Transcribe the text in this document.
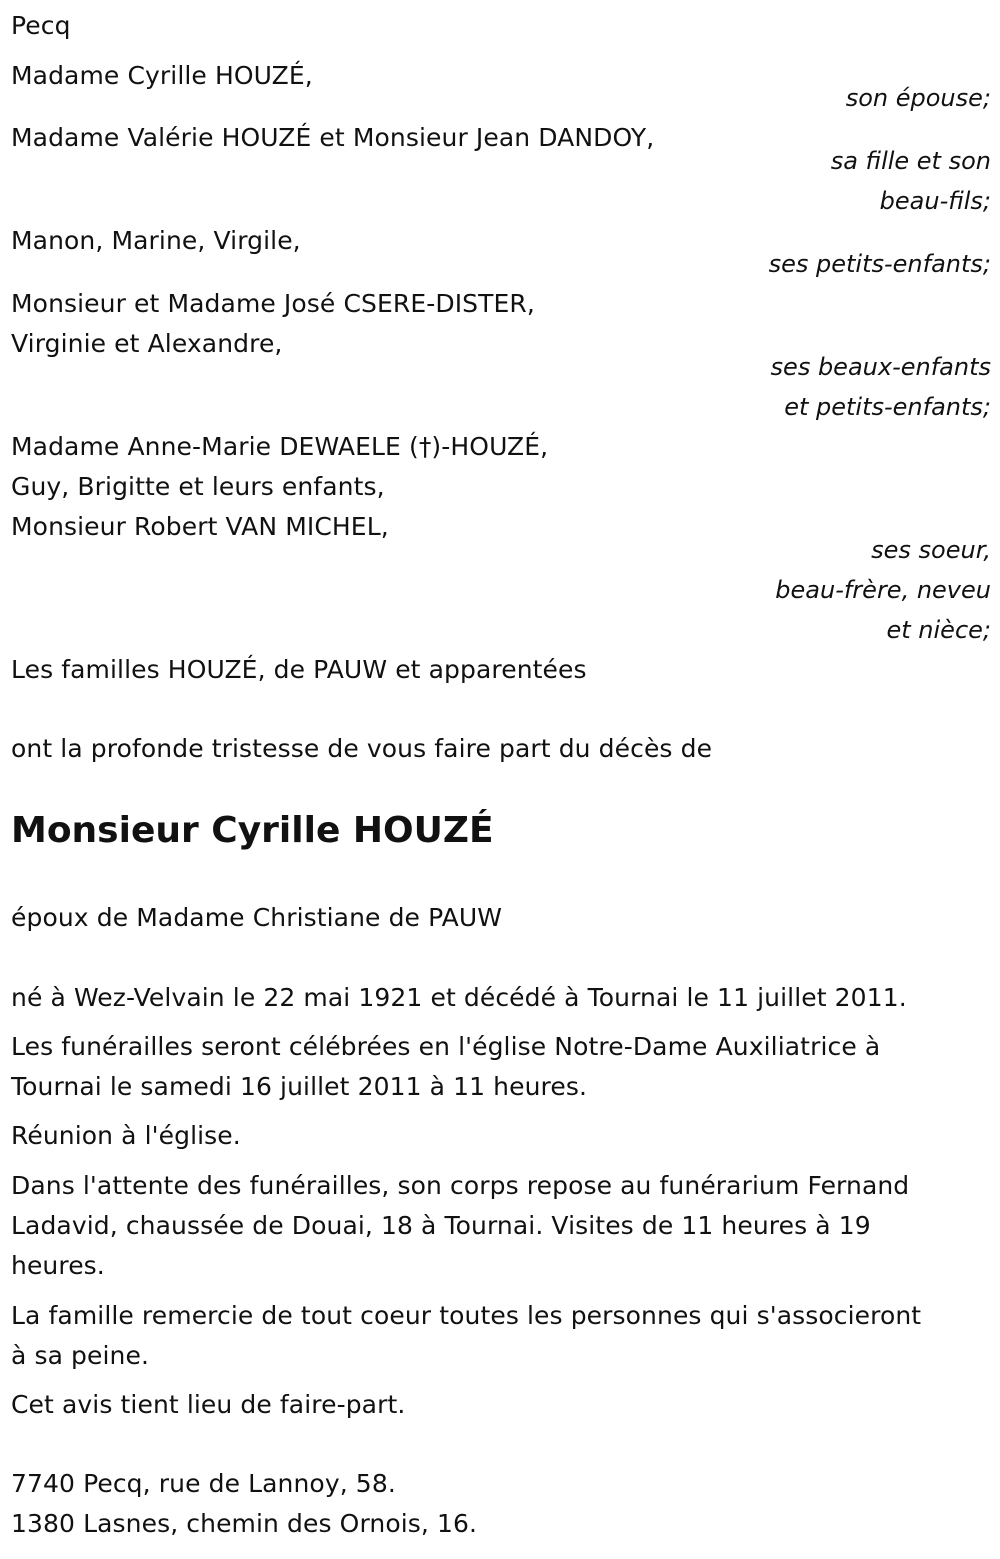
Pecq
Madame Cyrille HOUZÉ,
son épouse;
Madame Valérie HOUZÉ et Monsieur Jean DANDOY,
sa fille et son
beau-fils;
Manon, Marine, Virgile,
ses petits-enfants;
Monsieur et Madame José CSERE-DISTER,
Virginie et Alexandre,
ses beaux-enfants
et petits-enfants;
Madame Anne-Marie DEWAELE (†)-HOUZÉ,
Guy, Brigitte et leurs enfants,
Monsieur Robert VAN MICHEL,
ses soeur,
beau-frère, neveu
et nièce;
Les familles HOUZÉ, de PAUW et apparentées
ont la profonde tristesse de vous faire part du décès de
Monsieur Cyrille HOUZÉ
époux de Madame Christiane de PAUW
né à Wez-Velvain le 22 mai 1921 et décédé à Tournai le 11 juillet 2011.
Les funérailles seront célébrées en l'église Notre-Dame Auxiliatrice à
Tournai le samedi 16 juillet 2011 à 11 heures.
Réunion à l'église.
Dans l'attente des funérailles, son corps repose au funérarium Fernand
Ladavid, chaussée de Douai, 18 à Tournai. Visites de 11 heures à 19
heures.
La famille remercie de tout coeur toutes les personnes qui s'associeront
à sa peine.
Cet avis tient lieu de faire-part.
7740 Pecq, rue de Lannoy, 58.
1380 Lasnes, chemin des Ornois, 16.
